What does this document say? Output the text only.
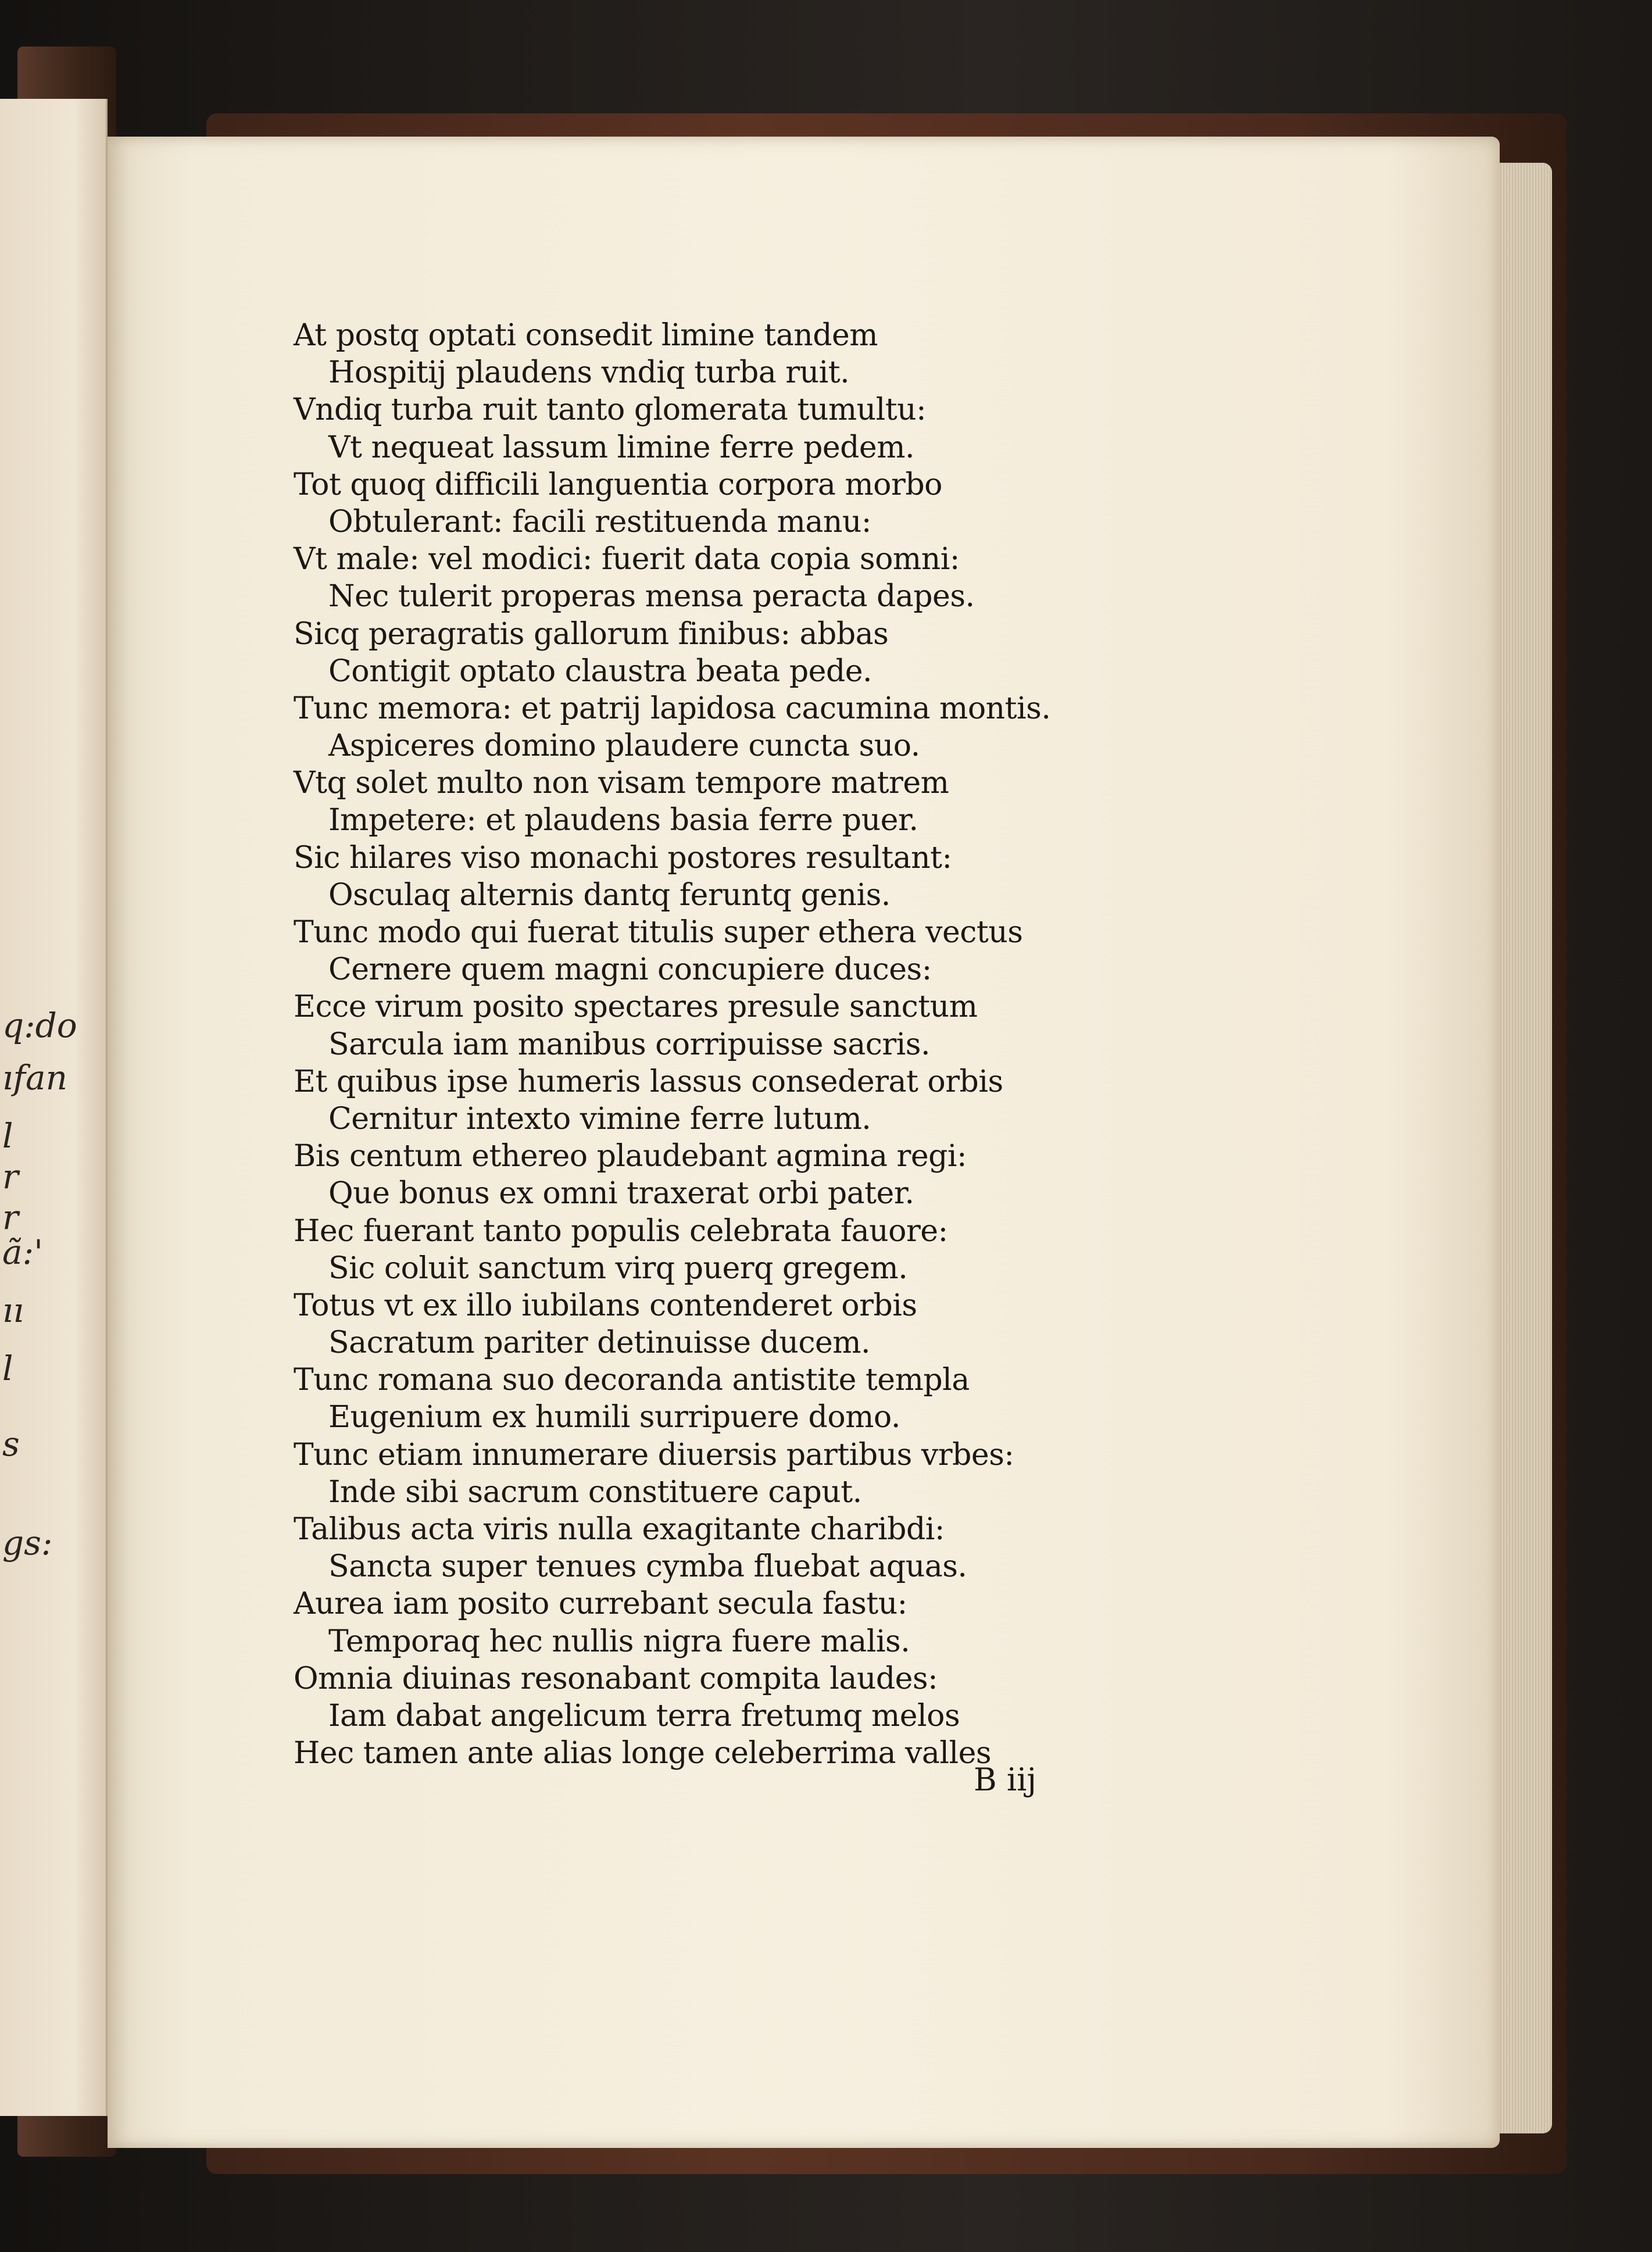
q:do
ıfan
l
r
r
ã:'
ıı
l
s
gs:
At postq optati consedit limine tandem
Hospitij plaudens vndiq turba ruit.
Vndiq turba ruit tanto glomerata tumultu:
Vt nequeat lassum limine ferre pedem.
Tot quoq difficili languentia corpora morbo
Obtulerant: facili restituenda manu:
Vt male: vel modici: fuerit data copia somni:
Nec tulerit properas mensa peracta dapes.
Sicq peragratis gallorum finibus: abbas
Contigit optato claustra beata pede.
Tunc memora: et patrij lapidosa cacumina montis.
Aspiceres domino plaudere cuncta suo.
Vtq solet multo non visam tempore matrem
Impetere: et plaudens basia ferre puer.
Sic hilares viso monachi postores resultant:
Osculaq alternis dantq feruntq genis.
Tunc modo qui fuerat titulis super ethera vectus
Cernere quem magni concupiere duces:
Ecce virum posito spectares presule sanctum
Sarcula iam manibus corripuisse sacris.
Et quibus ipse humeris lassus consederat orbis
Cernitur intexto vimine ferre lutum.
Bis centum ethereo plaudebant agmina regi:
Que bonus ex omni traxerat orbi pater.
Hec fuerant tanto populis celebrata fauore:
Sic coluit sanctum virq puerq gregem.
Totus vt ex illo iubilans contenderet orbis
Sacratum pariter detinuisse ducem.
Tunc romana suo decoranda antistite templa
Eugenium ex humili surripuere domo.
Tunc etiam innumerare diuersis partibus vrbes:
Inde sibi sacrum constituere caput.
Talibus acta viris nulla exagitante charibdi:
Sancta super tenues cymba fluebat aquas.
Aurea iam posito currebant secula fastu:
Temporaq hec nullis nigra fuere malis.
Omnia diuinas resonabant compita laudes:
Iam dabat angelicum terra fretumq melos
Hec tamen ante alias longe celeberrima valles
B iij
